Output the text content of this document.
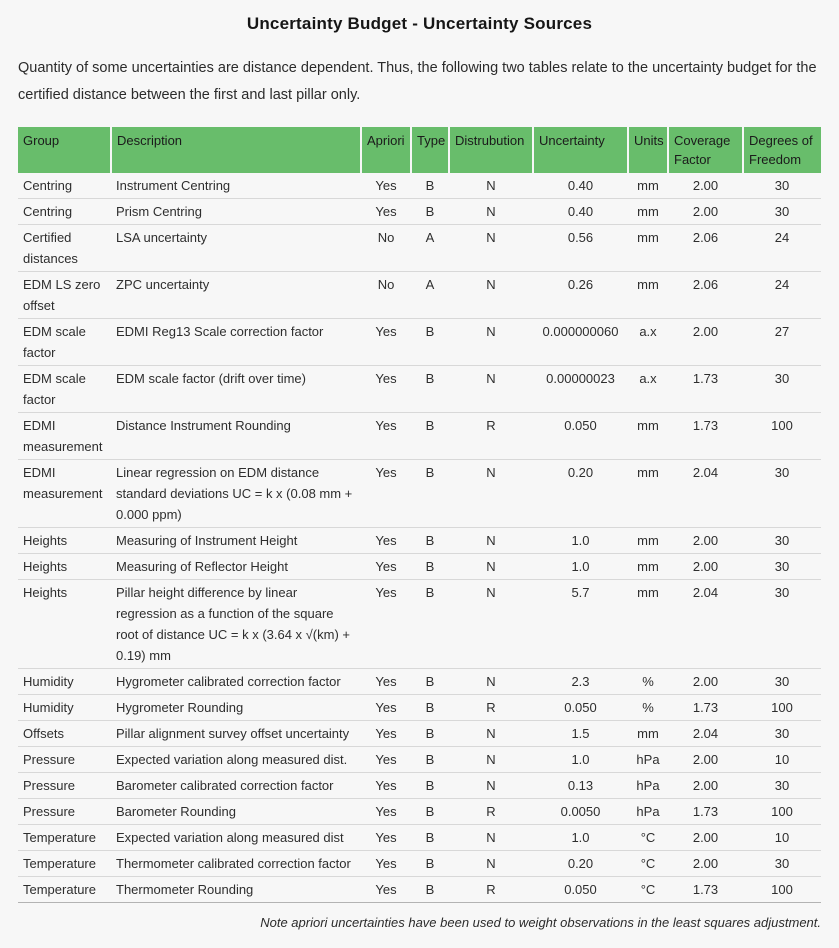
Uncertainty Budget - Uncertainty Sources

Quantity of some uncertainties are distance dependent. Thus, the following two tables relate to the uncertainty budget for the certified distance between the first and last pillar only.

Group	Description	Apriori	Type	Distrubution	Uncertainty	Units	Coverage Factor	Degrees of Freedom
Centring	Instrument Centring	Yes	B	N	0.40	mm	2.00	30
Centring	Prism Centring	Yes	B	N	0.40	mm	2.00	30
Certified distances	LSA uncertainty	No	A	N	0.56	mm	2.06	24
EDM LS zero offset	ZPC uncertainty	No	A	N	0.26	mm	2.06	24
EDM scale factor	EDMI Reg13 Scale correction factor	Yes	B	N	0.000000060	a.x	2.00	27
EDM scale factor	EDM scale factor (drift over time)	Yes	B	N	0.00000023	a.x	1.73	30
EDMI measurement	Distance Instrument Rounding	Yes	B	R	0.050	mm	1.73	100
EDMI measurement	Linear regression on EDM distance standard deviations UC = k x (0.08 mm + 0.000 ppm)	Yes	B	N	0.20	mm	2.04	30
Heights	Measuring of Instrument Height	Yes	B	N	1.0	mm	2.00	30
Heights	Measuring of Reflector Height	Yes	B	N	1.0	mm	2.00	30
Heights	Pillar height difference by linear regression as a function of the square root of distance UC = k x (3.64 x √(km) + 0.19) mm	Yes	B	N	5.7	mm	2.04	30
Humidity	Hygrometer calibrated correction factor	Yes	B	N	2.3	%	2.00	30
Humidity	Hygrometer Rounding	Yes	B	R	0.050	%	1.73	100
Offsets	Pillar alignment survey offset uncertainty	Yes	B	N	1.5	mm	2.04	30
Pressure	Expected variation along measured dist.	Yes	B	N	1.0	hPa	2.00	10
Pressure	Barometer calibrated correction factor	Yes	B	N	0.13	hPa	2.00	30
Pressure	Barometer Rounding	Yes	B	R	0.0050	hPa	1.73	100
Temperature	Expected variation along measured dist	Yes	B	N	1.0	°C	2.00	10
Temperature	Thermometer calibrated correction factor	Yes	B	N	0.20	°C	2.00	30
Temperature	Thermometer Rounding	Yes	B	R	0.050	°C	1.73	100

Note apriori uncertainties have been used to weight observations in the least squares adjustment.
